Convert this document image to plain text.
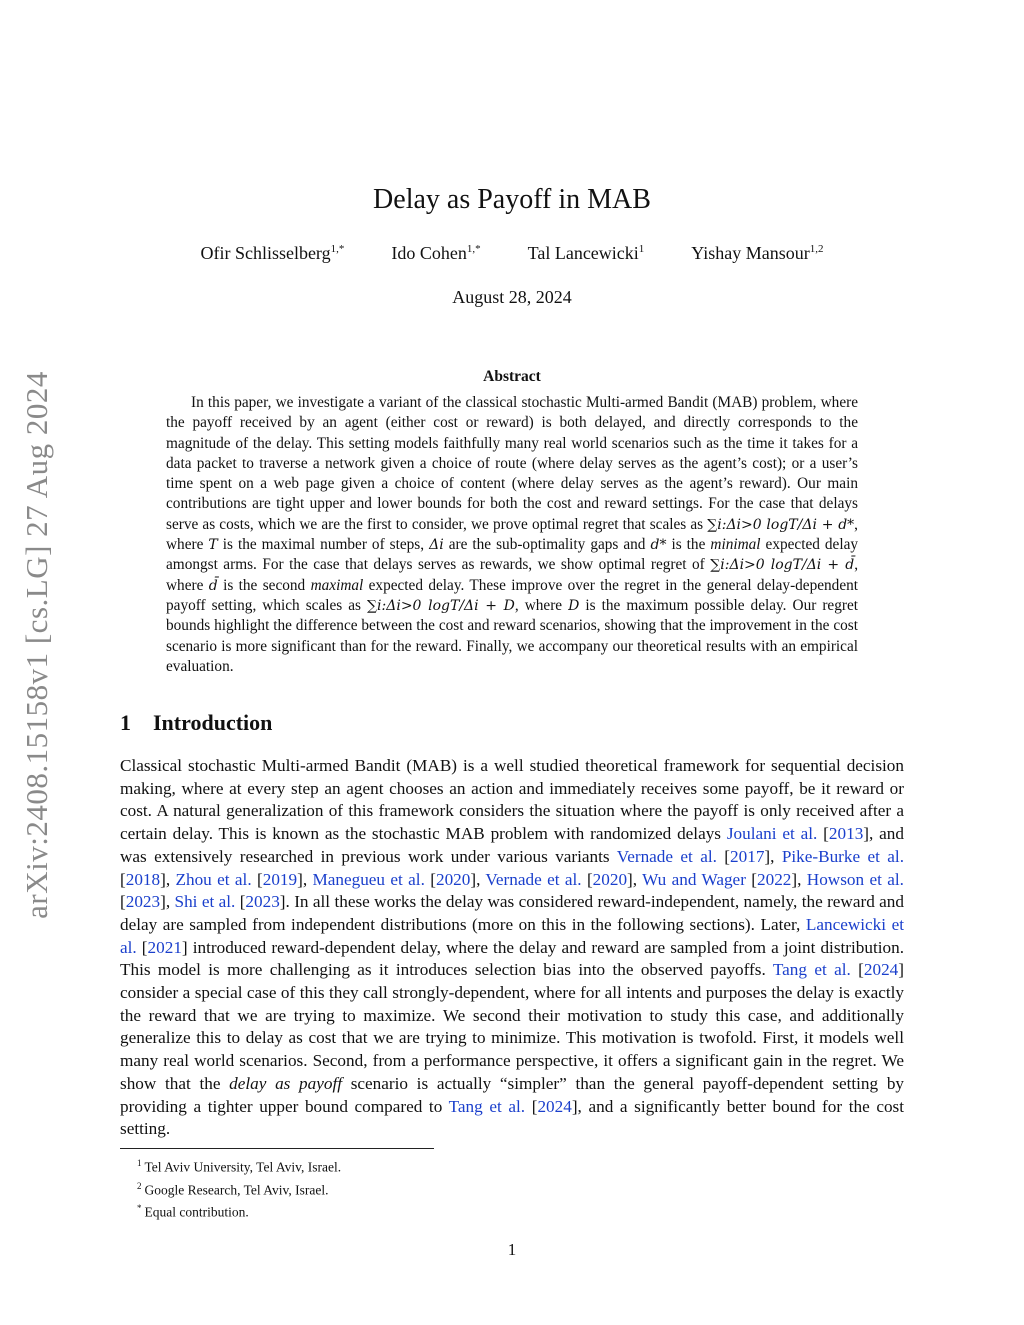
arXiv:2408.15158v1 [cs.LG] 27 Aug 2024
Delay as Payoff in MAB
Ofir Schlisselberg$^{1,*}$	Ido Cohen$^{1,*}$	Tal Lancewicki$^1$	Yishay Mansour$^{1,2}$
August 28, 2024
Abstract

In this paper, we investigate a variant of the classical stochastic Multi-armed Bandit (MAB) problem, where the payoff received by an agent (either cost or reward) is both delayed, and directly corresponds to the magnitude of the delay. This setting models faithfully many real world scenarios such as the time it takes for a data packet to traverse a network given a choice of route (where delay serves as the agent’s cost); or a user’s time spent on a web page given a choice of content (where delay serves as the agent’s reward). Our main contributions are tight upper and lower bounds for both the cost and reward settings. For the case that delays serve as costs, which we are the first to consider, we prove optimal regret that scales as ∑i:Δi>0 logT/Δi + d*, where T is the maximal number of steps, Δi are the sub-optimality gaps and d* is the minimal expected delay amongst arms. For the case that delays serves as rewards, we show optimal regret of ∑i:Δi>0 logT/Δi + d̄, where d̄ is the second maximal expected delay. These improve over the regret in the general delay-dependent payoff setting, which scales as ∑i:Δi>0 logT/Δi + D, where D is the maximum possible delay. Our regret bounds highlight the difference between the cost and reward scenarios, showing that the improvement in the cost scenario is more significant than for the reward. Finally, we accompany our theoretical results with an empirical evaluation.

1 Introduction

Classical stochastic Multi-armed Bandit (MAB) is a well studied theoretical framework for sequential decision making, where at every step an agent chooses an action and immediately receives some payoff, be it reward or cost. A natural generalization of this framework considers the situation where the payoff is only received after a certain delay. This is known as the stochastic MAB problem with randomized delays Joulani et al. [2013], and was extensively researched in previous work under various variants Vernade et al. [2017], Pike-Burke et al. [2018], Zhou et al. [2019], Manegueu et al. [2020], Vernade et al. [2020], Wu and Wager [2022], Howson et al. [2023], Shi et al. [2023]. In all these works the delay was considered reward-independent, namely, the reward and delay are sampled from independent distributions (more on this in the following sections). Later, Lancewicki et al. [2021] introduced reward-dependent delay, where the delay and reward are sampled from a joint distribution. This model is more challenging as it introduces selection bias into the observed payoffs. Tang et al. [2024] consider a special case of this they call strongly-dependent, where for all intents and purposes the delay is exactly the reward that we are trying to maximize. We second their motivation to study this case, and additionally generalize this to delay as cost that we are trying to minimize. This motivation is twofold. First, it models well many real world scenarios. Second, from a performance perspective, it offers a significant gain in the regret. We show that the delay as payoff scenario is actually “simpler” than the general payoff-dependent setting by providing a tighter upper bound compared to Tang et al. [2024], and a significantly better bound for the cost setting.

$^1$ Tel Aviv University, Tel Aviv, Israel.
$^2$ Google Research, Tel Aviv, Israel.
* Equal contribution.
1
